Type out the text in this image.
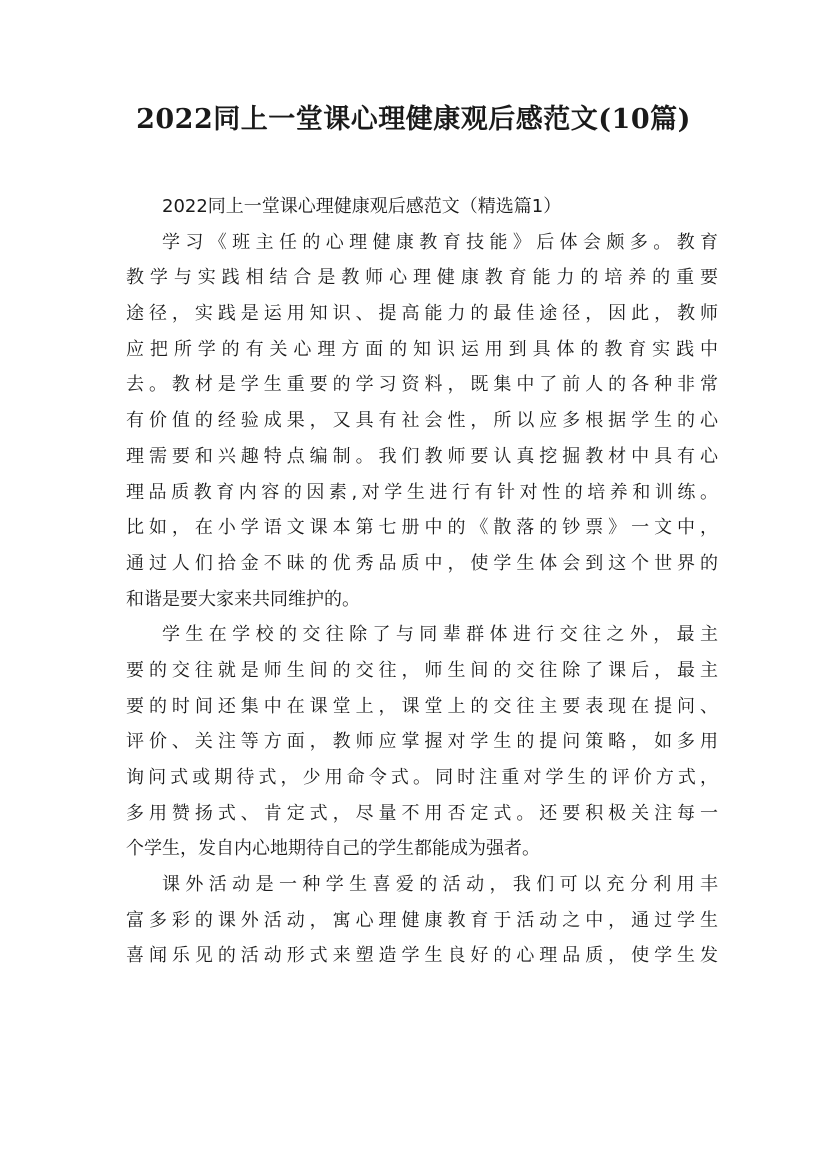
2022同上一堂课心理健康观后感范文(10篇)
2022同上一堂课心理健康观后感范文（精选篇1）
学习《班主任的心理健康教育技能》后体会颇多。教育
教学与实践相结合是教师心理健康教育能力的培养的重要
途径，实践是运用知识、提高能力的最佳途径，因此，教师
应把所学的有关心理方面的知识运用到具体的教育实践中
去。教材是学生重要的学习资料，既集中了前人的各种非常
有价值的经验成果，又具有社会性，所以应多根据学生的心
理需要和兴趣特点编制。我们教师要认真挖掘教材中具有心
理品质教育内容的因素,对学生进行有针对性的培养和训练。
比如，在小学语文课本第七册中的《散落的钞票》一文中，
通过人们拾金不昧的优秀品质中，使学生体会到这个世界的
和谐是要大家来共同维护的。
学生在学校的交往除了与同辈群体进行交往之外，最主
要的交往就是师生间的交往，师生间的交往除了课后，最主
要的时间还集中在课堂上，课堂上的交往主要表现在提问、
评价、关注等方面，教师应掌握对学生的提问策略，如多用
询问式或期待式，少用命令式。同时注重对学生的评价方式，
多用赞扬式、肯定式，尽量不用否定式。还要积极关注每一
个学生，发自内心地期待自己的学生都能成为强者。
课外活动是一种学生喜爱的活动，我们可以充分利用丰
富多彩的课外活动，寓心理健康教育于活动之中，通过学生
喜闻乐见的活动形式来塑造学生良好的心理品质，使学生发
